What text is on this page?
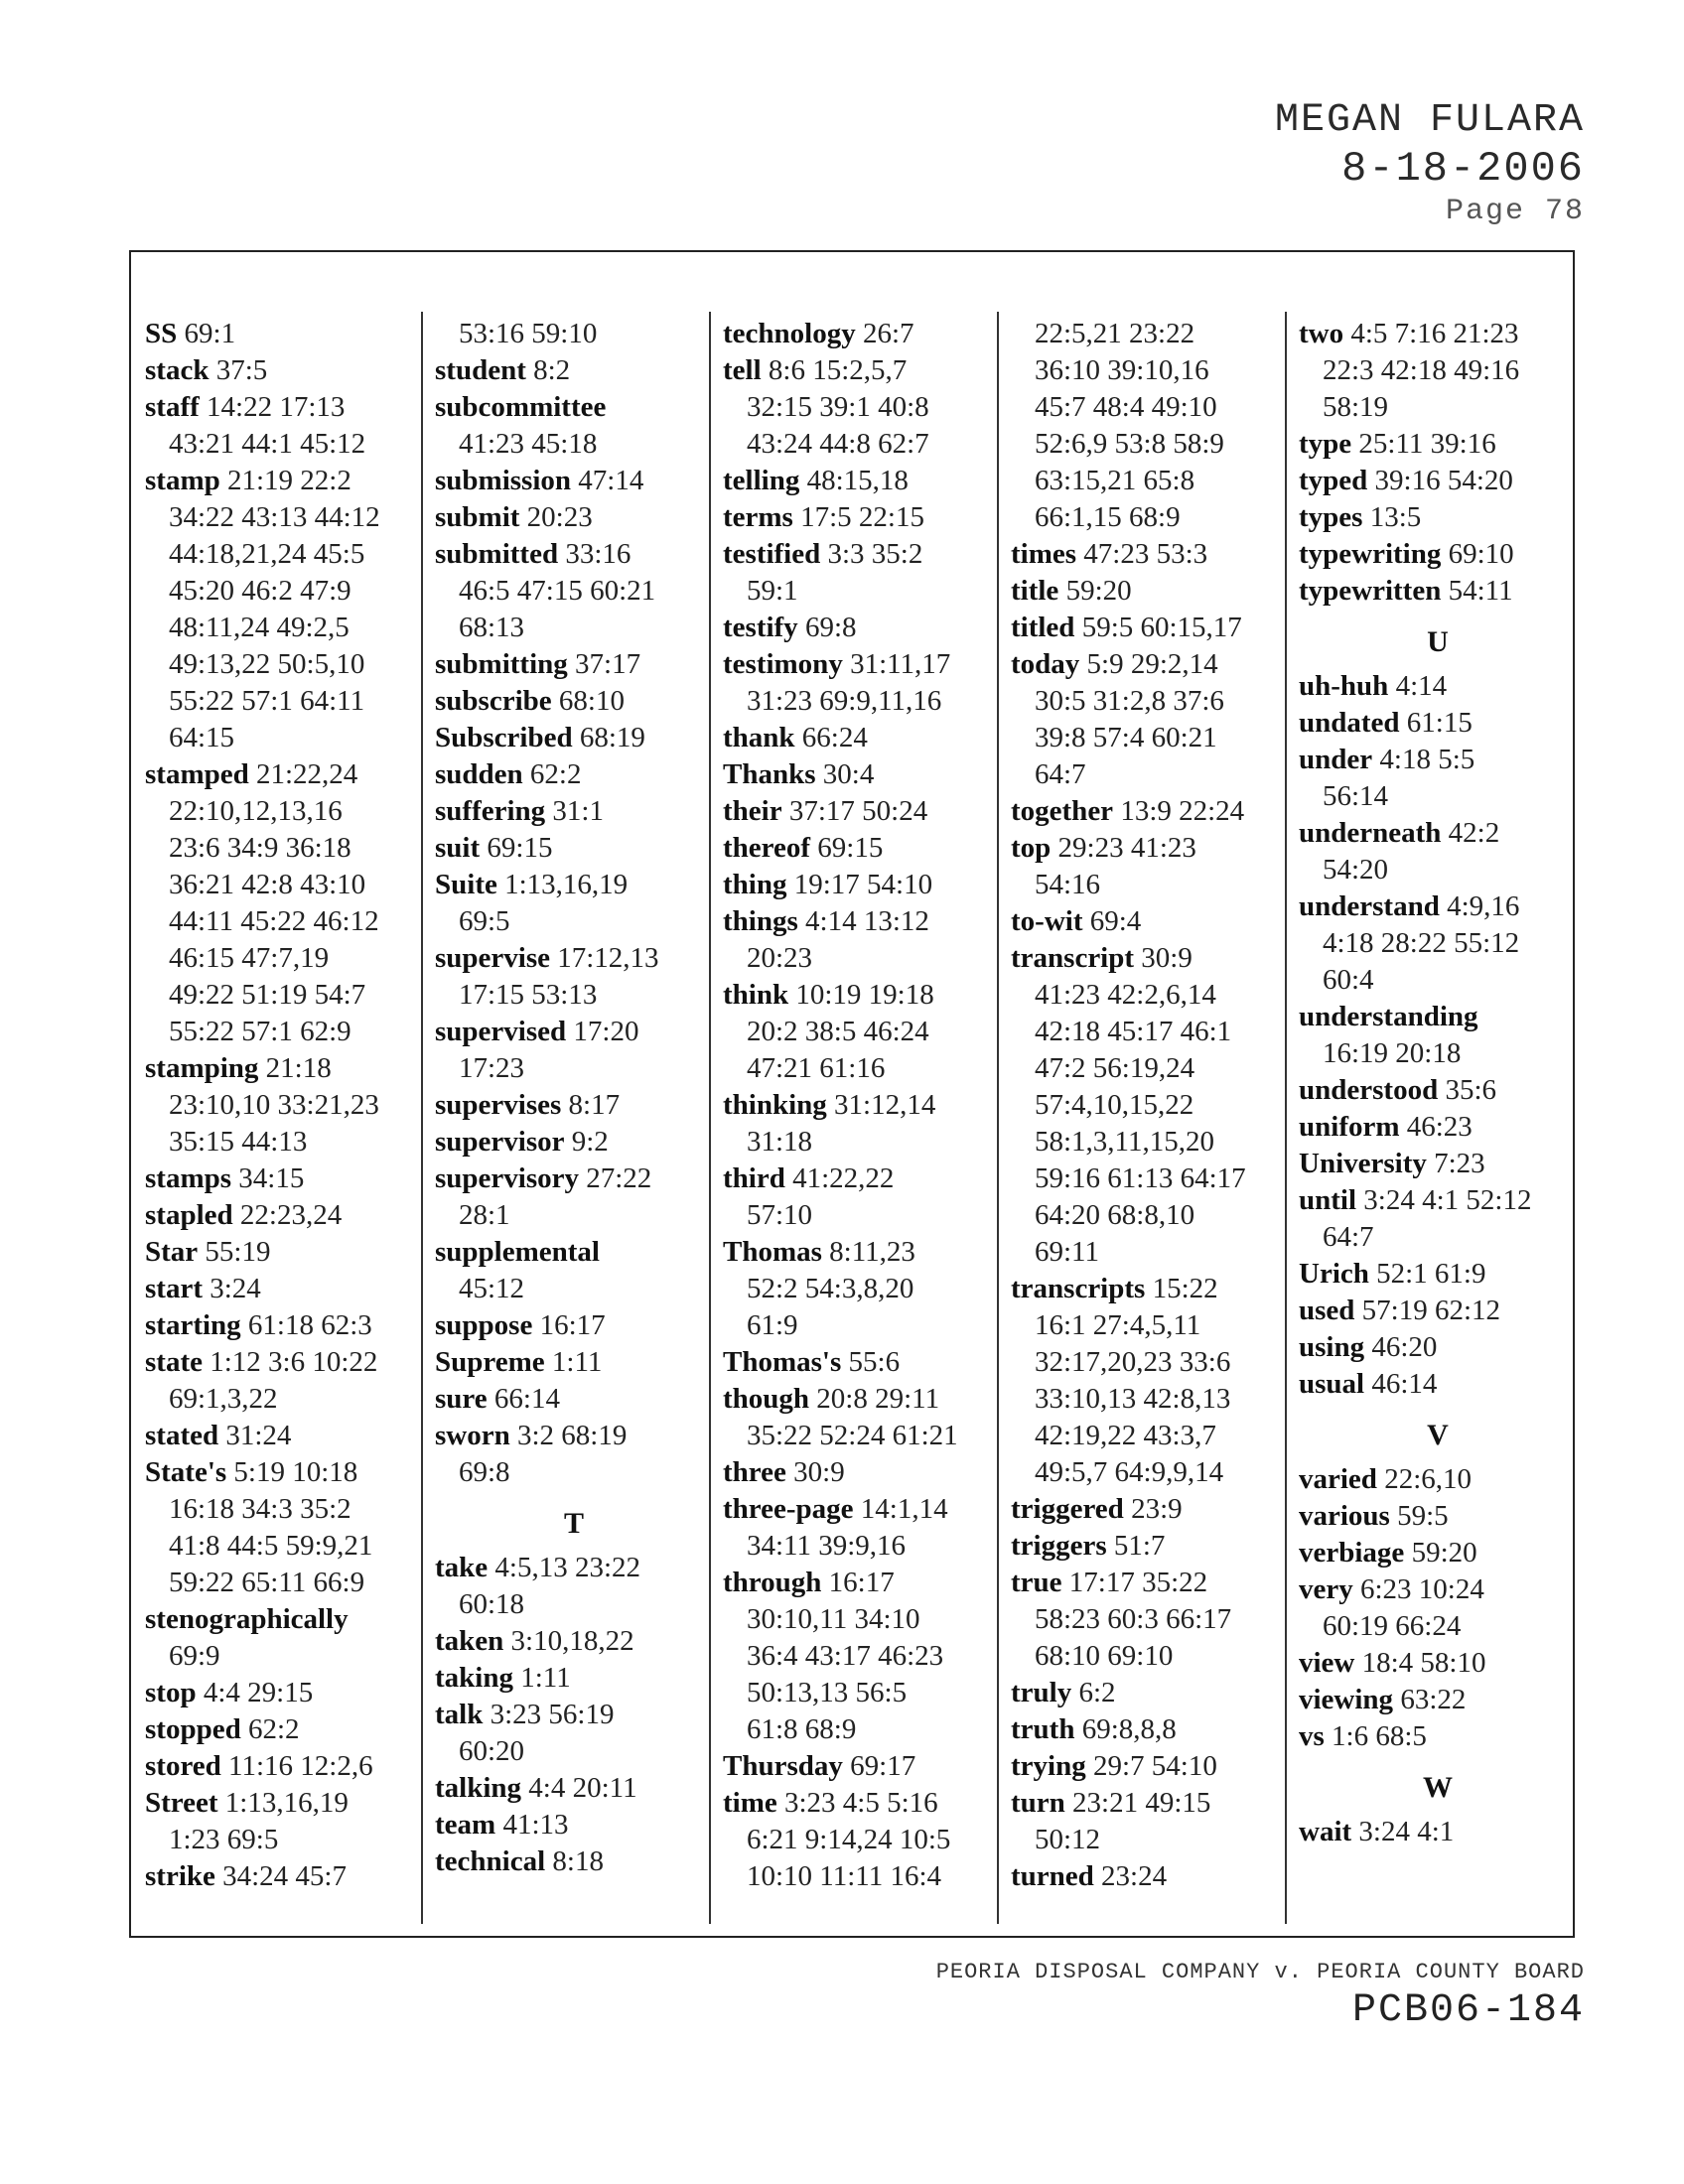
MEGAN FULARA
8-18-2006
Page 78
SS 69:1
stack 37:5
staff 14:22 17:13
43:21 44:1 45:12
stamp 21:19 22:2
34:22 43:13 44:12
44:18,21,24 45:5
45:20 46:2 47:9
48:11,24 49:2,5
49:13,22 50:5,10
55:22 57:1 64:11
64:15
stamped 21:22,24
22:10,12,13,16
23:6 34:9 36:18
36:21 42:8 43:10
44:11 45:22 46:12
46:15 47:7,19
49:22 51:19 54:7
55:22 57:1 62:9
stamping 21:18
23:10,10 33:21,23
35:15 44:13
stamps 34:15
stapled 22:23,24
Star 55:19
start 3:24
starting 61:18 62:3
state 1:12 3:6 10:22
69:1,3,22
stated 31:24
State's 5:19 10:18
16:18 34:3 35:2
41:8 44:5 59:9,21
59:22 65:11 66:9
stenographically
69:9
stop 4:4 29:15
stopped 62:2
stored 11:16 12:2,6
Street 1:13,16,19
1:23 69:5
strike 34:24 45:7
53:16 59:10
student 8:2
subcommittee
41:23 45:18
submission 47:14
submit 20:23
submitted 33:16
46:5 47:15 60:21
68:13
submitting 37:17
subscribe 68:10
Subscribed 68:19
sudden 62:2
suffering 31:1
suit 69:15
Suite 1:13,16,19
69:5
supervise 17:12,13
17:15 53:13
supervised 17:20
17:23
supervises 8:17
supervisor 9:2
supervisory 27:22
28:1
supplemental
45:12
suppose 16:17
Supreme 1:11
sure 66:14
sworn 3:2 68:19
69:8
T
take 4:5,13 23:22
60:18
taken 3:10,18,22
taking 1:11
talk 3:23 56:19
60:20
talking 4:4 20:11
team 41:13
technical 8:18
technology 26:7
tell 8:6 15:2,5,7
32:15 39:1 40:8
43:24 44:8 62:7
telling 48:15,18
terms 17:5 22:15
testified 3:3 35:2
59:1
testify 69:8
testimony 31:11,17
31:23 69:9,11,16
thank 66:24
Thanks 30:4
their 37:17 50:24
thereof 69:15
thing 19:17 54:10
things 4:14 13:12
20:23
think 10:19 19:18
20:2 38:5 46:24
47:21 61:16
thinking 31:12,14
31:18
third 41:22,22
57:10
Thomas 8:11,23
52:2 54:3,8,20
61:9
Thomas's 55:6
though 20:8 29:11
35:22 52:24 61:21
three 30:9
three-page 14:1,14
34:11 39:9,16
through 16:17
30:10,11 34:10
36:4 43:17 46:23
50:13,13 56:5
61:8 68:9
Thursday 69:17
time 3:23 4:5 5:16
6:21 9:14,24 10:5
10:10 11:11 16:4
22:5,21 23:22
36:10 39:10,16
45:7 48:4 49:10
52:6,9 53:8 58:9
63:15,21 65:8
66:1,15 68:9
times 47:23 53:3
title 59:20
titled 59:5 60:15,17
today 5:9 29:2,14
30:5 31:2,8 37:6
39:8 57:4 60:21
64:7
together 13:9 22:24
top 29:23 41:23
54:16
to-wit 69:4
transcript 30:9
41:23 42:2,6,14
42:18 45:17 46:1
47:2 56:19,24
57:4,10,15,22
58:1,3,11,15,20
59:16 61:13 64:17
64:20 68:8,10
69:11
transcripts 15:22
16:1 27:4,5,11
32:17,20,23 33:6
33:10,13 42:8,13
42:19,22 43:3,7
49:5,7 64:9,9,14
triggered 23:9
triggers 51:7
true 17:17 35:22
58:23 60:3 66:17
68:10 69:10
truly 6:2
truth 69:8,8,8
trying 29:7 54:10
turn 23:21 49:15
50:12
turned 23:24
two 4:5 7:16 21:23
22:3 42:18 49:16
58:19
type 25:11 39:16
typed 39:16 54:20
types 13:5
typewriting 69:10
typewritten 54:11
U
uh-huh 4:14
undated 61:15
under 4:18 5:5
56:14
underneath 42:2
54:20
understand 4:9,16
4:18 28:22 55:12
60:4
understanding
16:19 20:18
understood 35:6
uniform 46:23
University 7:23
until 3:24 4:1 52:12
64:7
Urich 52:1 61:9
used 57:19 62:12
using 46:20
usual 46:14
V
varied 22:6,10
various 59:5
verbiage 59:20
very 6:23 10:24
60:19 66:24
view 18:4 58:10
viewing 63:22
vs 1:6 68:5
W
wait 3:24 4:1
PEORIA DISPOSAL COMPANY v. PEORIA COUNTY BOARD
PCB06-184
